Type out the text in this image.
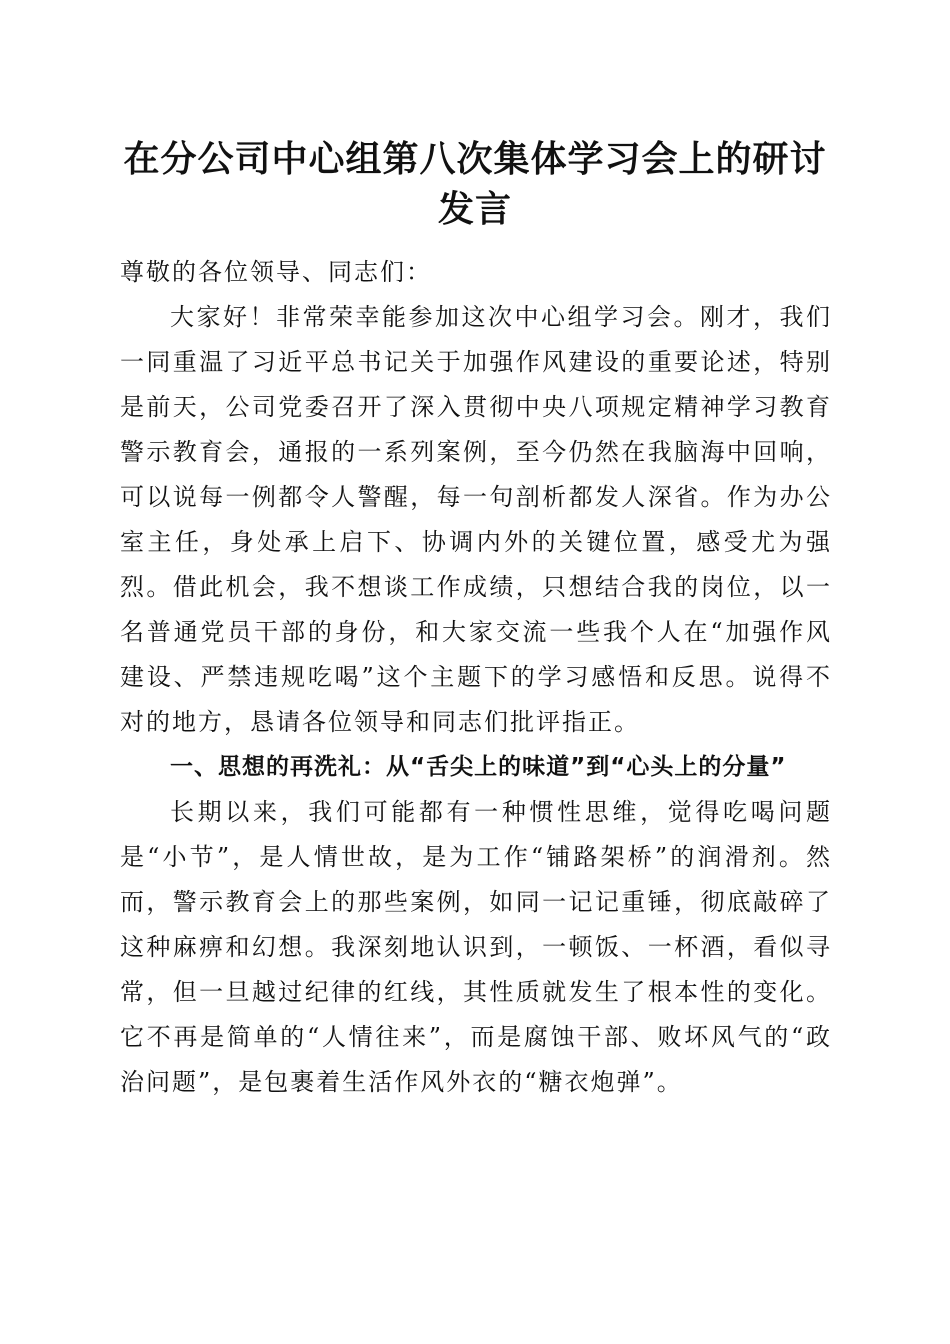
在分公司中心组第八次集体学习会上的研讨发言

尊敬的各位领导、同志们：

大家好！非常荣幸能参加这次中心组学习会。刚才，我们一同重温了习近平总书记关于加强作风建设的重要论述，特别是前天，公司党委召开了深入贯彻中央八项规定精神学习教育警示教育会，通报的一系列案例，至今仍然在我脑海中回响，可以说每一例都令人警醒，每一句剖析都发人深省。作为办公室主任，身处承上启下、协调内外的关键位置，感受尤为强烈。借此机会，我不想谈工作成绩，只想结合我的岗位，以一名普通党员干部的身份，和大家交流一些我个人在“加强作风建设、严禁违规吃喝”这个主题下的学习感悟和反思。说得不对的地方，恳请各位领导和同志们批评指正。

一、思想的再洗礼：从“舌尖上的味道”到“心头上的分量”

长期以来，我们可能都有一种惯性思维，觉得吃喝问题是“小节”，是人情世故，是为工作“铺路架桥”的润滑剂。然而，警示教育会上的那些案例，如同一记记重锤，彻底敲碎了这种麻痹和幻想。我深刻地认识到，一顿饭、一杯酒，看似寻常，但一旦越过纪律的红线，其性质就发生了根本性的变化。它不再是简单的“人情往来”，而是腐蚀干部、败坏风气的“政治问题”，是包裹着生活作风外衣的“糖衣炮弹”。
